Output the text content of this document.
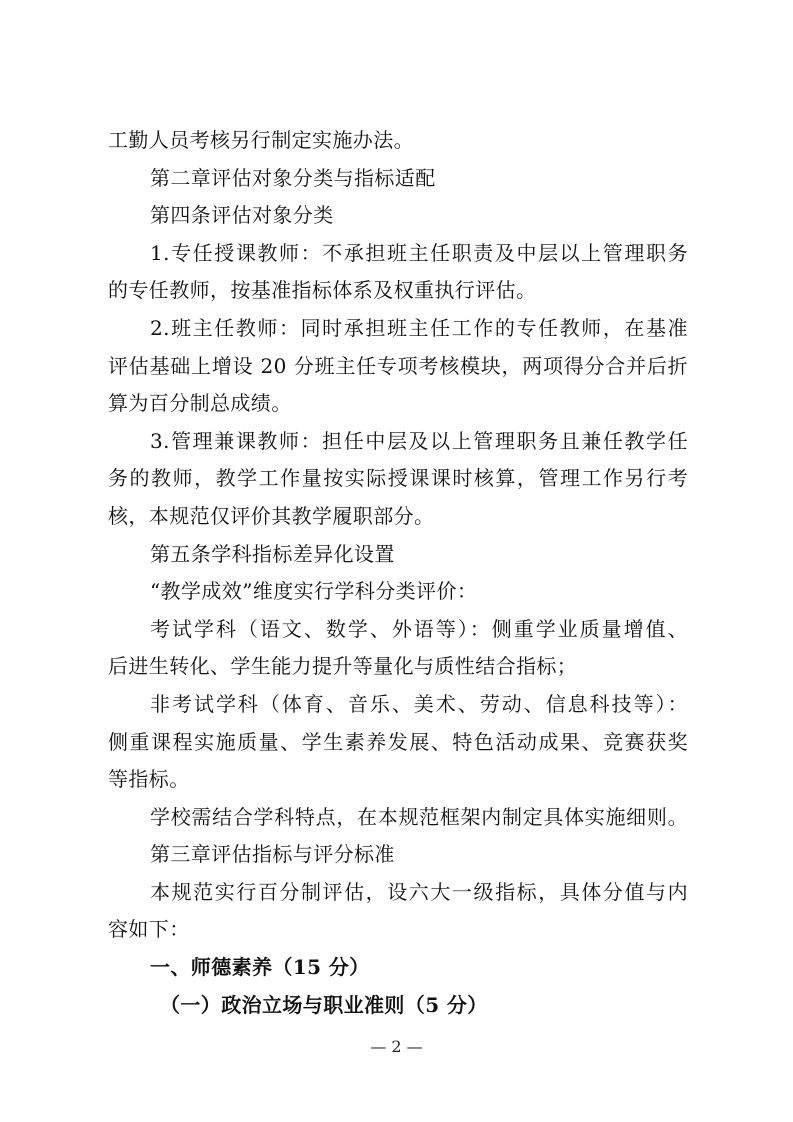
工勤人员考核另行制定实施办法。
第二章评估对象分类与指标适配
第四条评估对象分类
1.专任授课教师：不承担班主任职责及中层以上管理职务
的专任教师，按基准指标体系及权重执行评估。
2.班主任教师：同时承担班主任工作的专任教师，在基准
评估基础上增设 20 分班主任专项考核模块，两项得分合并后折
算为百分制总成绩。
3.管理兼课教师：担任中层及以上管理职务且兼任教学任
务的教师，教学工作量按实际授课课时核算，管理工作另行考
核，本规范仅评价其教学履职部分。
第五条学科指标差异化设置
“教学成效”维度实行学科分类评价：
考试学科（语文、数学、外语等）：侧重学业质量增值、
后进生转化、学生能力提升等量化与质性结合指标；
非考试学科（体育、音乐、美术、劳动、信息科技等）：
侧重课程实施质量、学生素养发展、特色活动成果、竞赛获奖
等指标。
学校需结合学科特点，在本规范框架内制定具体实施细则。
第三章评估指标与评分标准
本规范实行百分制评估，设六大一级指标，具体分值与内
容如下：
一、师德素养（15 分）
（一）政治立场与职业准则（5 分）
— 2 —
